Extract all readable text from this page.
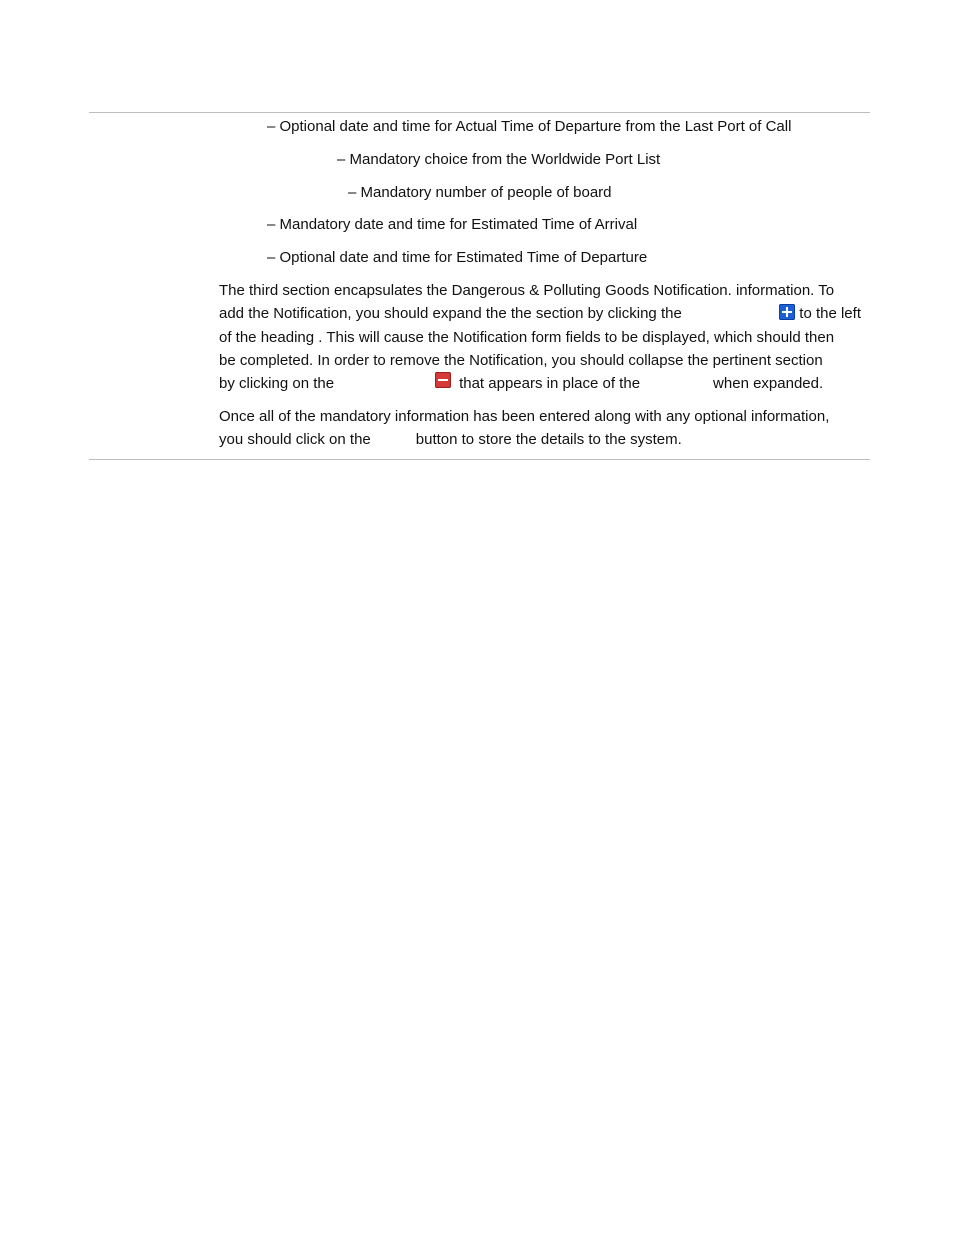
– Optional date and time for Actual Time of Departure from the Last Port of Call
– Mandatory choice from the Worldwide Port List
– Mandatory number of people of board
– Mandatory date and time for Estimated Time of Arrival
– Optional date and time for Estimated Time of Departure
The third section encapsulates the Dangerous & Polluting Goods Notification. information. To
add the Notification, you should expand the the section by clicking the	to the left
of the heading . This will cause the Notification form fields to be displayed, which should then
be completed. In order to remove the Notification, you should collapse the pertinent section
by clicking on the	that appears in place of the	when expanded.
Once all of the mandatory information has been entered along with any optional information,
you should click on the	button to store the details to the system.
